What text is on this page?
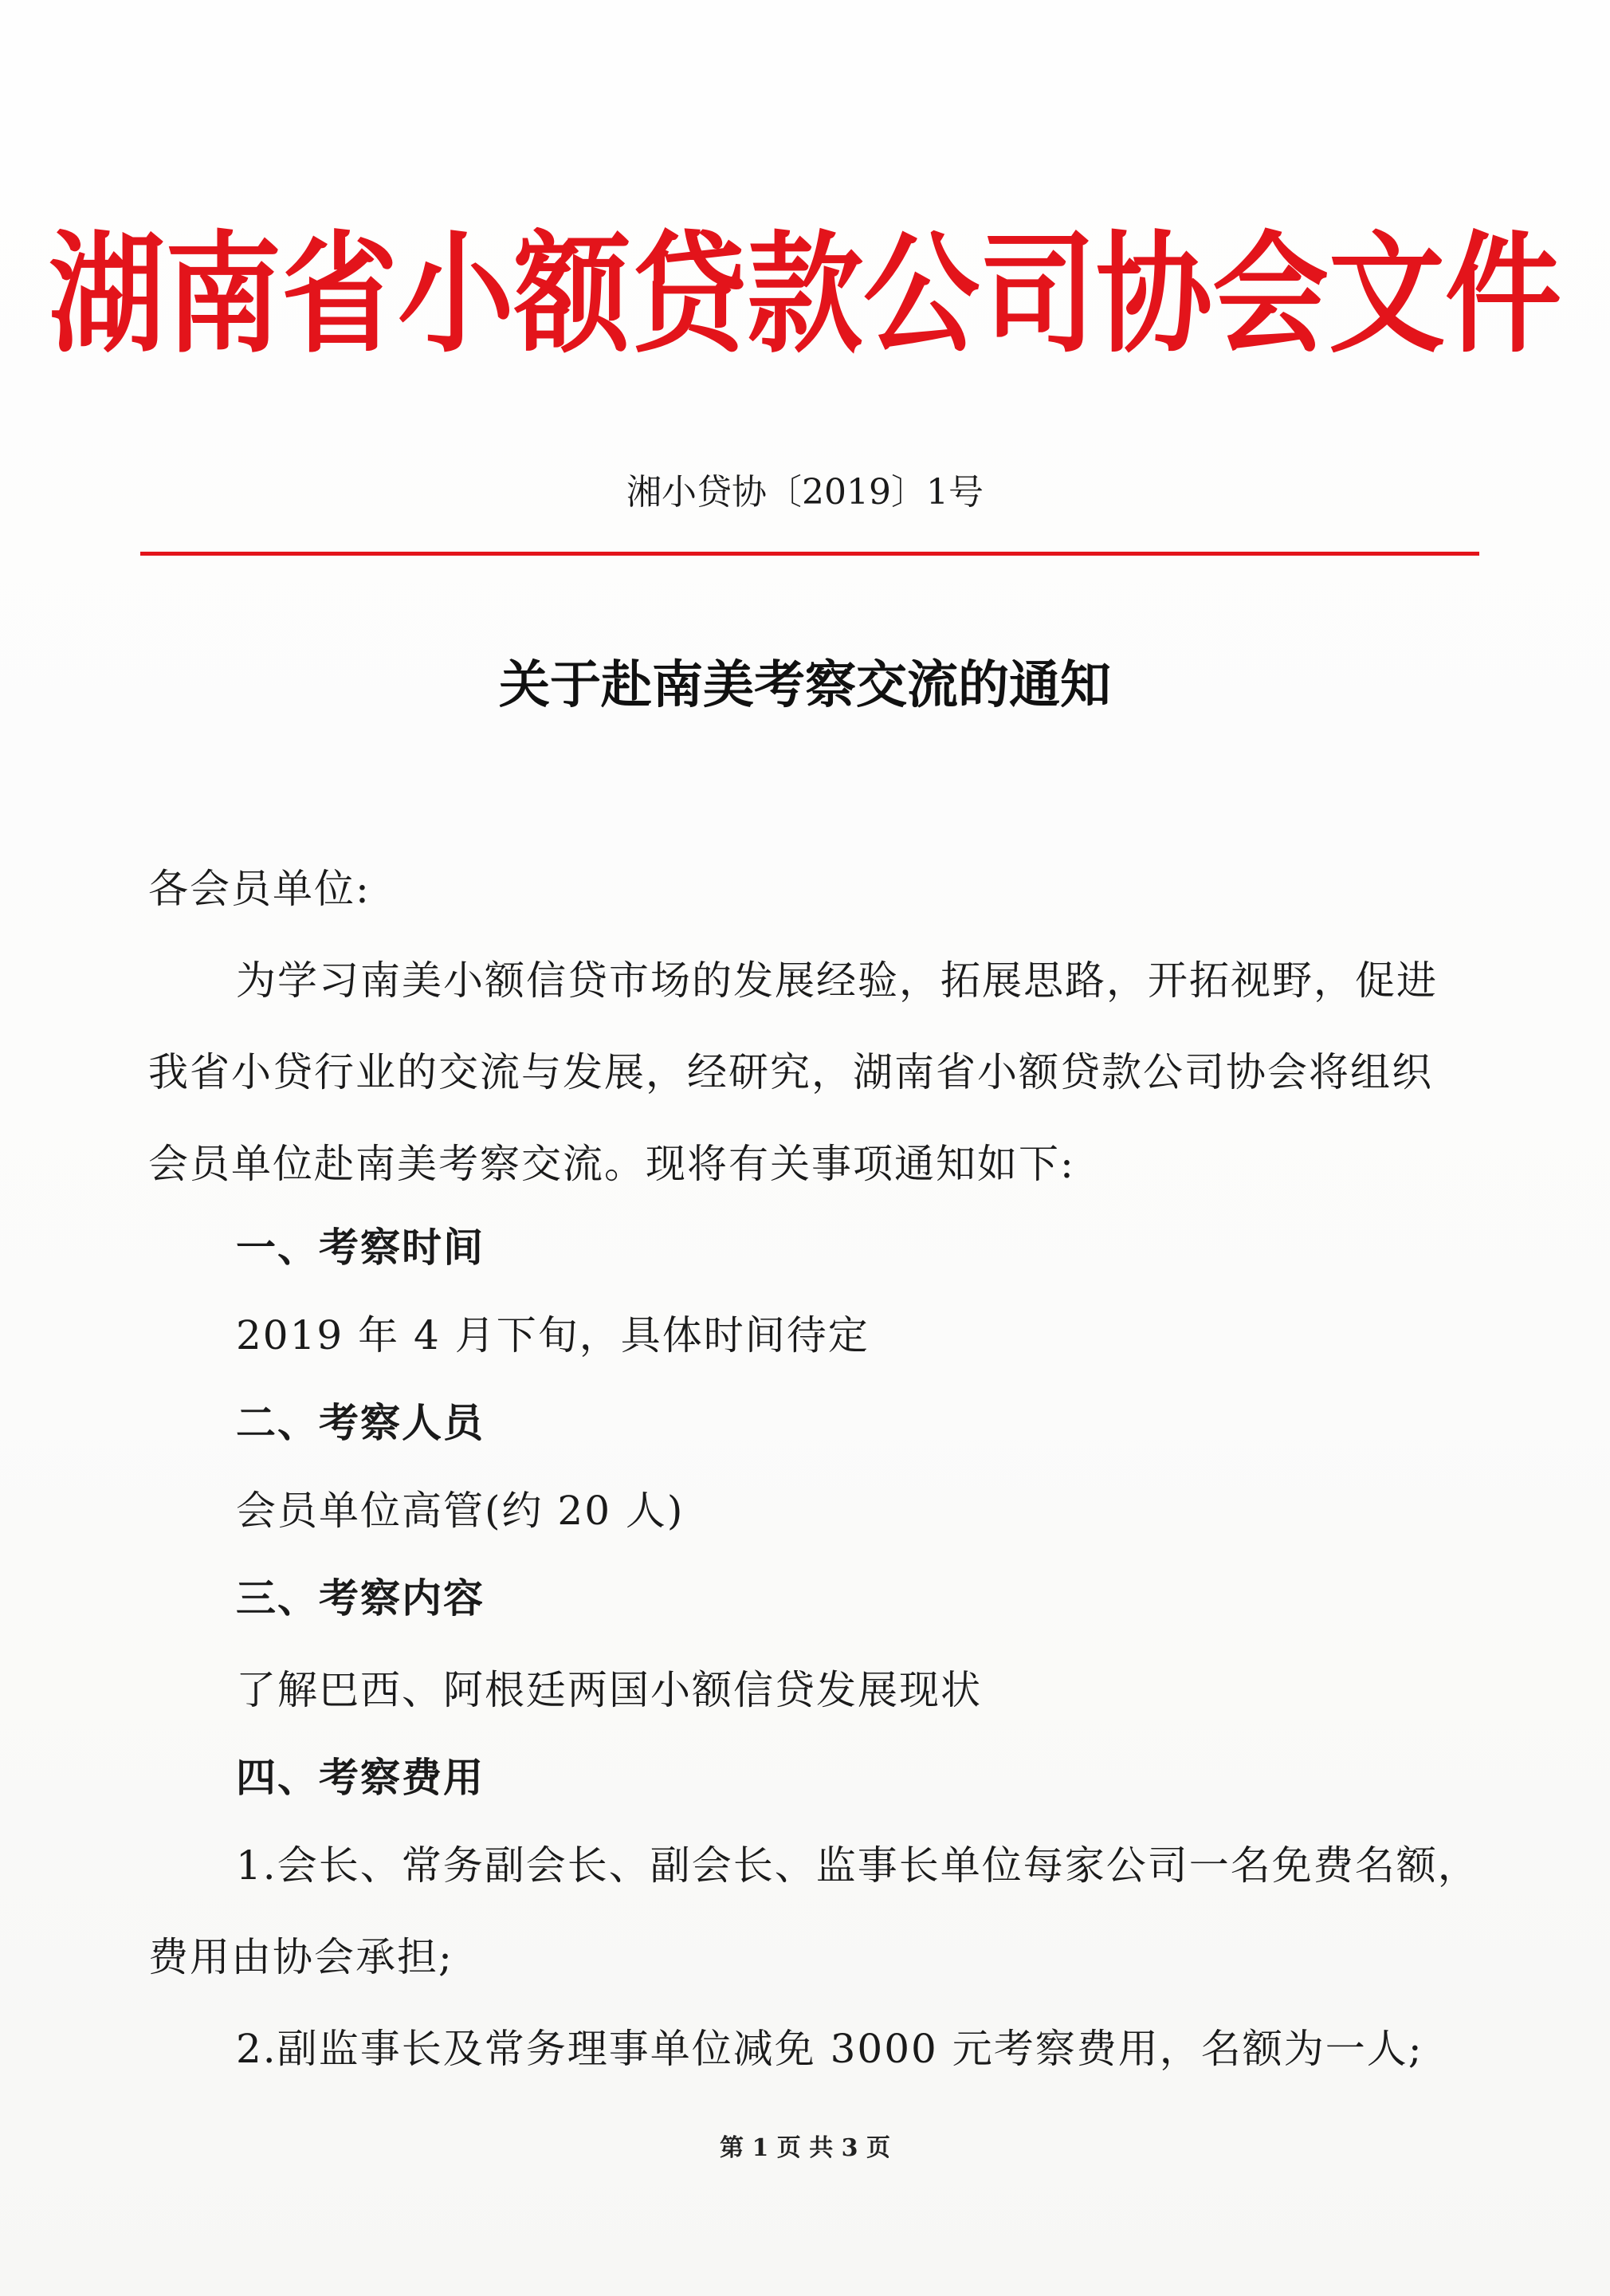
湖南省小额贷款公司协会文件
湘小贷协〔2019〕1号
关于赴南美考察交流的通知
各会员单位:
为学习南美小额信贷市场的发展经验，拓展思路，开拓视野，促进
我省小贷行业的交流与发展，经研究，湖南省小额贷款公司协会将组织
会员单位赴南美考察交流。现将有关事项通知如下:
一、考察时间
2019 年 4 月下旬，具体时间待定
二、考察人员
会员单位高管(约 20 人)
三、考察内容
了解巴西、阿根廷两国小额信贷发展现状
四、考察费用
1.会长、常务副会长、副会长、监事长单位每家公司一名免费名额，
费用由协会承担;
2.副监事长及常务理事单位减免 3000 元考察费用，名额为一人;
第 1 页 共 3 页
